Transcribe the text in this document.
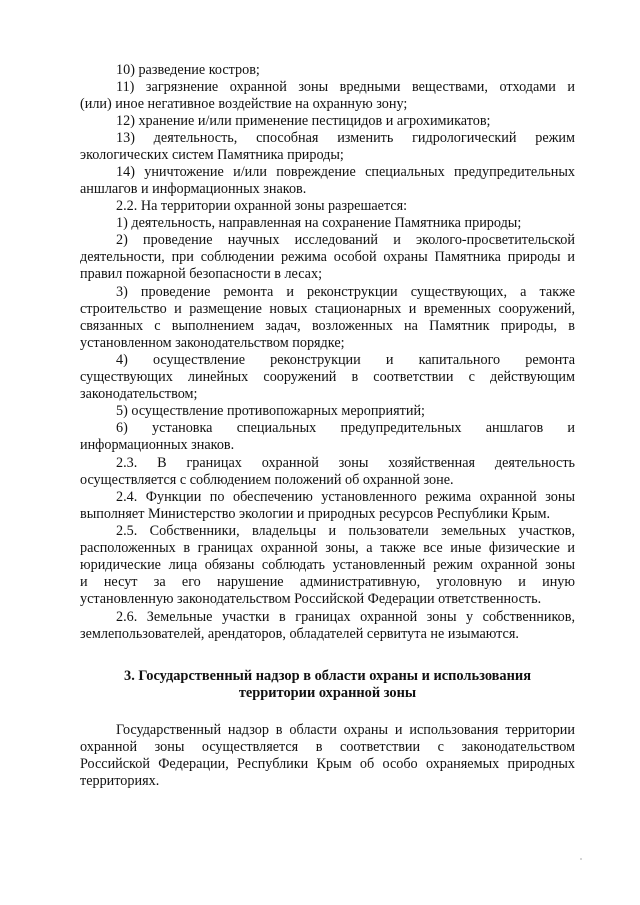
10) разведение костров;
11) загрязнение охранной зоны вредными веществами, отходами и
(или) иное негативное воздействие на охранную зону;
12) хранение и/или применение пестицидов и агрохимикатов;
13) деятельность, способная изменить гидрологический режим
экологических систем Памятника природы;
14) уничтожение и/или повреждение специальных предупредительных
аншлагов и информационных знаков.
2.2. На территории охранной зоны разрешается:
1) деятельность, направленная на сохранение Памятника природы;
2) проведение научных исследований и эколого-просветительской
деятельности, при соблюдении режима особой охраны Памятника природы и
правил пожарной безопасности в лесах;
3) проведение ремонта и реконструкции существующих, а также
строительство и размещение новых стационарных и временных сооружений,
связанных с выполнением задач, возложенных на Памятник природы, в
установленном законодательством порядке;
4) осуществление реконструкции и капитального ремонта
существующих линейных сооружений в соответствии с действующим
законодательством;
5) осуществление противопожарных мероприятий;
6) установка специальных предупредительных аншлагов и
информационных знаков.
2.3. В границах охранной зоны хозяйственная деятельность
осуществляется с соблюдением положений об охранной зоне.
2.4. Функции по обеспечению установленного режима охранной зоны
выполняет Министерство экологии и природных ресурсов Республики Крым.
2.5. Собственники, владельцы и пользователи земельных участков,
расположенных в границах охранной зоны, а также все иные физические и
юридические лица обязаны соблюдать установленный режим охранной зоны
и несут за его нарушение административную, уголовную и иную
установленную законодательством Российской Федерации ответственность.
2.6. Земельные участки в границах охранной зоны у собственников,
землепользователей, арендаторов, обладателей сервитута не изымаются.
3. Государственный надзор в области охраны и использования
территории охранной зоны
Государственный надзор в области охраны и использования территории
охранной зоны осуществляется в соответствии с законодательством
Российской Федерации, Республики Крым об особо охраняемых природных
территориях.
